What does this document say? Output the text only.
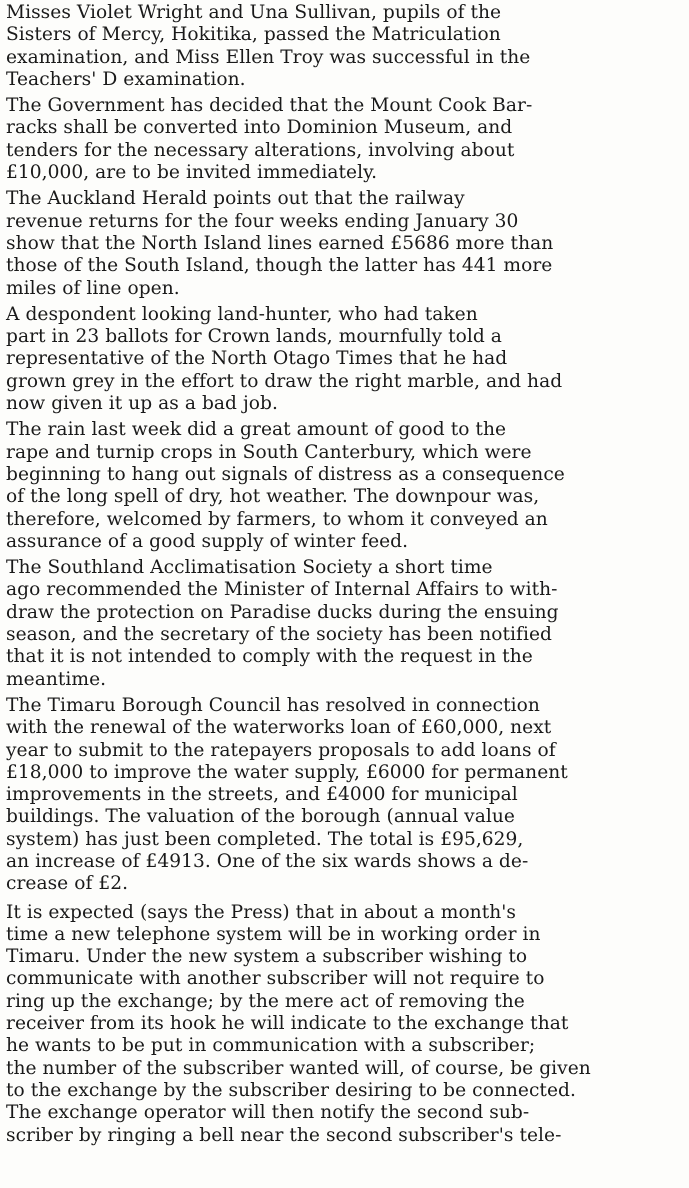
Misses Violet Wright and Una Sullivan, pupils of the
Sisters of Mercy, Hokitika, passed the Matriculation
examination, and Miss Ellen Troy was successful in the
Teachers' D examination.

The Government has decided that the Mount Cook Bar-
racks shall be converted into Dominion Museum, and
tenders for the necessary alterations, involving about
£10,000, are to be invited immediately.

The Auckland Herald points out that the railway
revenue returns for the four weeks ending January 30
show that the North Island lines earned £5686 more than
those of the South Island, though the latter has 441 more
miles of line open.

A despondent looking land-hunter, who had taken
part in 23 ballots for Crown lands, mournfully told a
representative of the North Otago Times that he had
grown grey in the effort to draw the right marble, and had
now given it up as a bad job.

The rain last week did a great amount of good to the
rape and turnip crops in South Canterbury, which were
beginning to hang out signals of distress as a consequence
of the long spell of dry, hot weather. The downpour was,
therefore, welcomed by farmers, to whom it conveyed an
assurance of a good supply of winter feed.

The Southland Acclimatisation Society a short time
ago recommended the Minister of Internal Affairs to with-
draw the protection on Paradise ducks during the ensuing
season, and the secretary of the society has been notified
that it is not intended to comply with the request in the
meantime.

The Timaru Borough Council has resolved in connection
with the renewal of the waterworks loan of £60,000, next
year to submit to the ratepayers proposals to add loans of
£18,000 to improve the water supply, £6000 for permanent
improvements in the streets, and £4000 for municipal
buildings. The valuation of the borough (annual value
system) has just been completed. The total is £95,629,
an increase of £4913. One of the six wards shows a de-
crease of £2.

It is expected (says the Press) that in about a month's
time a new telephone system will be in working order in
Timaru. Under the new system a subscriber wishing to
communicate with another subscriber will not require to
ring up the exchange; by the mere act of removing the
receiver from its hook he will indicate to the exchange that
he wants to be put in communication with a subscriber;
the number of the subscriber wanted will, of course, be given
to the exchange by the subscriber desiring to be connected.
The exchange operator will then notify the second sub-
scriber by ringing a bell near the second subscriber's tele-
